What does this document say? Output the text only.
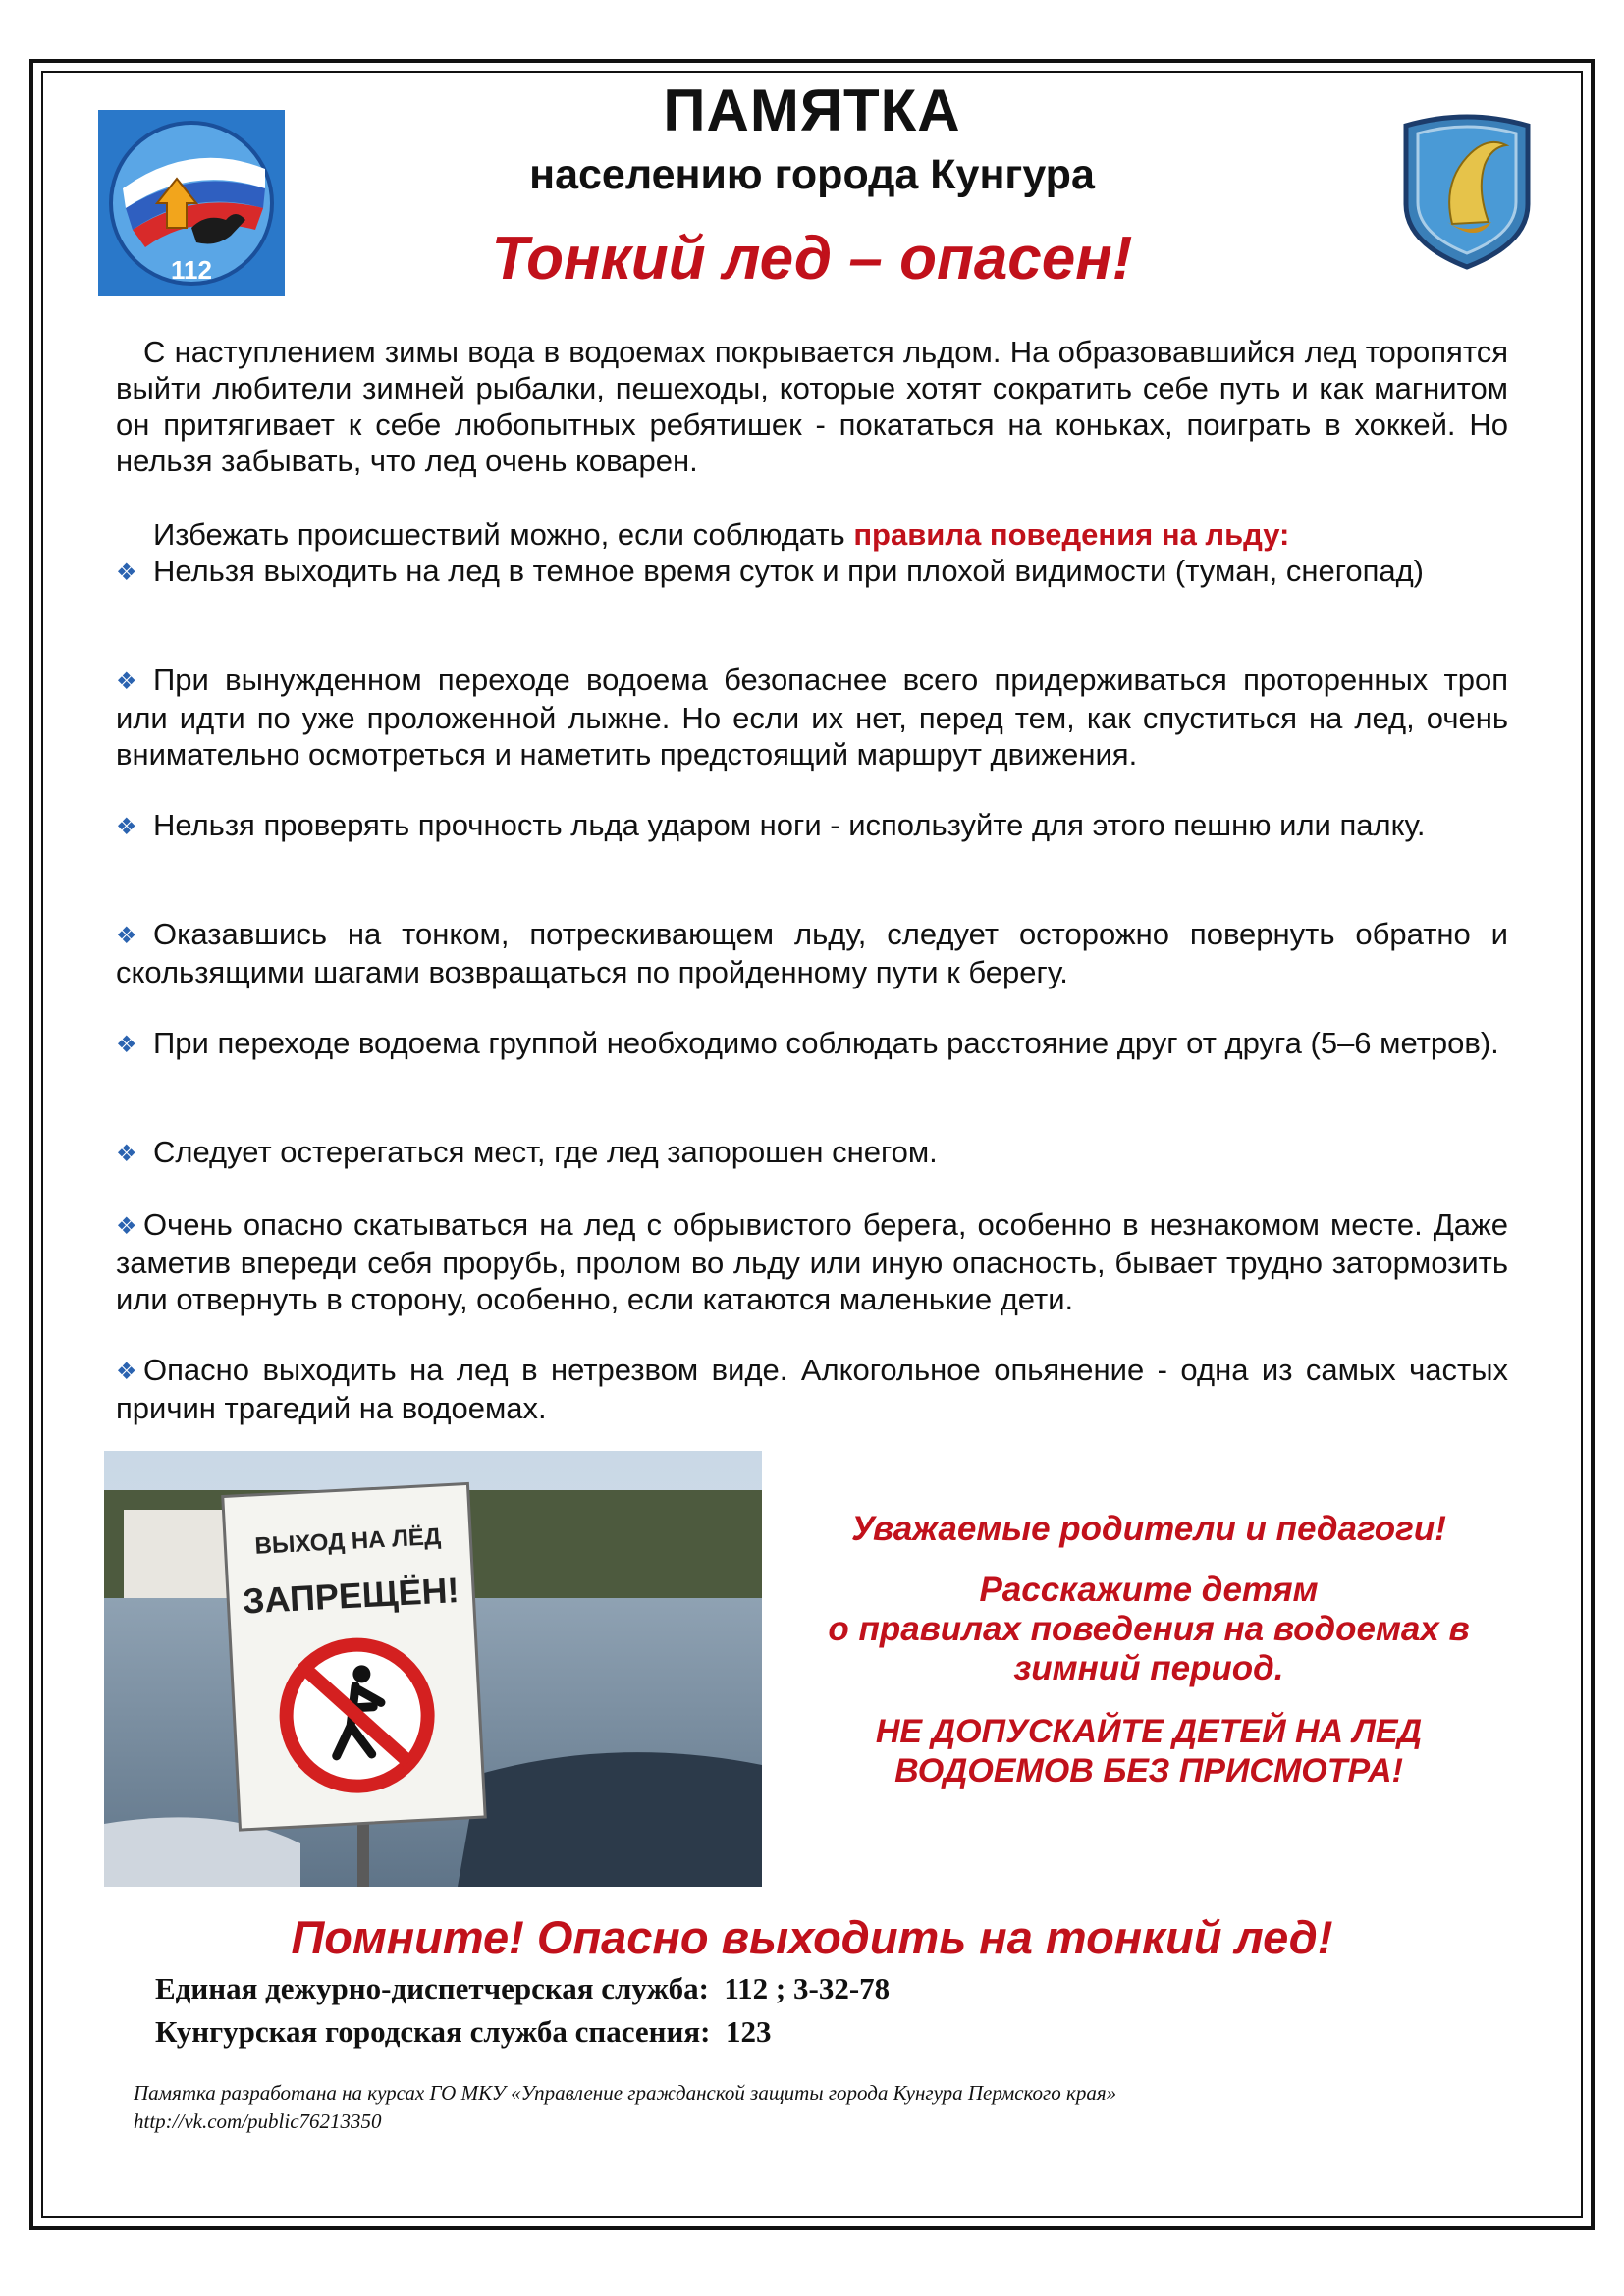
112
ПАМЯТКА
населению города Кунгура
Тонкий лед – опасен!
С наступлением зимы вода в водоемах покрывается льдом. На образовавшийся лед торопятся выйти любители зимней рыбалки, пешеходы, которые хотят сократить себе путь и как магнитом он притягивает к себе любопытных ребятишек - покататься на коньках, поиграть в хоккей. Но нельзя забывать, что лед очень коварен.
Избежать происшествий можно, если соблюдать правила поведения на льду:
❖ Нельзя выходить на лед в темное время суток и при плохой видимости (туман, снегопад)
❖ При вынужденном переходе водоема безопаснее всего придерживаться проторенных троп или идти по уже проложенной лыжне. Но если их нет, перед тем, как спуститься на лед, очень внимательно осмотреться и наметить предстоящий маршрут движения.
❖ Нельзя проверять прочность льда ударом ноги - используйте для этого пешню или палку.
❖ Оказавшись на тонком, потрескивающем льду, следует осторожно повернуть обратно и скользящими шагами возвращаться по пройденному пути к берегу.
❖ При переходе водоема группой необходимо соблюдать расстояние друг от друга (5–6 метров).
❖ Следует остерегаться мест, где лед запорошен снегом.
❖ Очень опасно скатываться на лед с обрывистого берега, особенно в незнакомом месте. Даже заметив впереди себя прорубь, пролом во льду или иную опасность, бывает трудно затормозить или отвернуть в сторону, особенно, если катаются маленькие дети.
❖ Опасно выходить на лед в нетрезвом виде. Алкогольное опьянение - одна из самых частых причин трагедий на водоемах.
ВЫХОД НА ЛЁД
ЗАПРЕЩЁН!
Уважаемые родители и педагоги!
Расскажите детям
о правилах поведения на водоемах в
зимний период.
НЕ ДОПУСКАЙТЕ ДЕТЕЙ НА ЛЕД
ВОДОЕМОВ БЕЗ ПРИСМОТРА!
Помните! Опасно выходить на тонкий лед!
Единая дежурно-диспетчерская служба:  112 ; 3-32-78
Кунгурская городская служба спасения:  123
Памятка разработана на курсах ГО МКУ «Управление гражданской защиты города Кунгура Пермского края»
http://vk.com/public76213350
